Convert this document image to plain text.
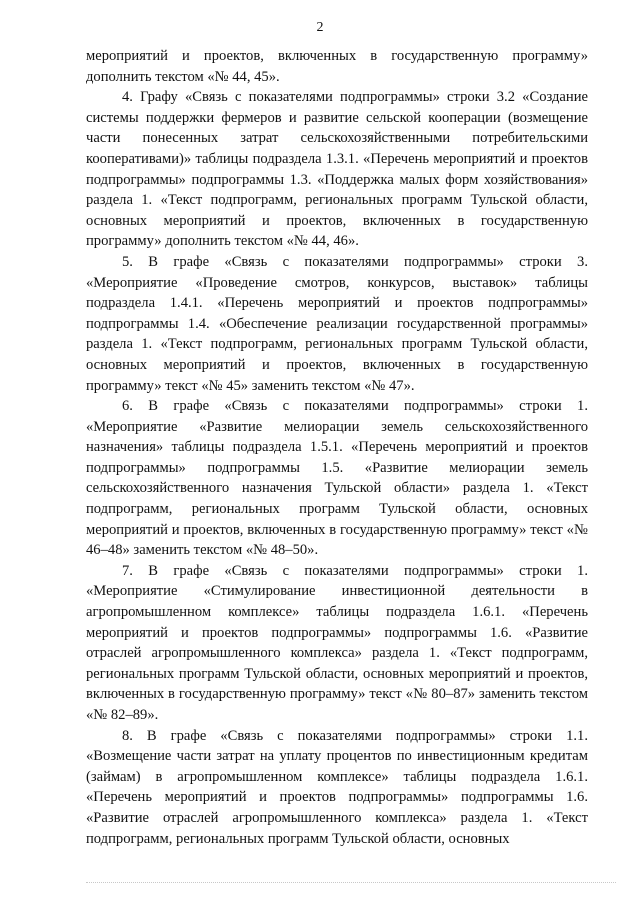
2

мероприятий и проектов, включенных в государственную программу» дополнить текстом «№ 44, 45».

4. Графу «Связь с показателями подпрограммы» строки 3.2 «Создание системы поддержки фермеров и развитие сельской кооперации (возмещение части понесенных затрат сельскохозяйственными потребительскими кооперативами)» таблицы подраздела 1.3.1. «Перечень мероприятий и проектов подпрограммы» подпрограммы 1.3. «Поддержка малых форм хозяйствования» раздела 1. «Текст подпрограмм, региональных программ Тульской области, основных мероприятий и проектов, включенных в государственную программу» дополнить текстом «№ 44, 46».

5. В графе «Связь с показателями подпрограммы» строки 3. «Мероприятие «Проведение смотров, конкурсов, выставок» таблицы подраздела 1.4.1. «Перечень мероприятий и проектов подпрограммы» подпрограммы 1.4. «Обеспечение реализации государственной программы» раздела 1. «Текст подпрограмм, региональных программ Тульской области, основных мероприятий и проектов, включенных в государственную программу» текст «№ 45» заменить текстом «№ 47».

6. В графе «Связь с показателями подпрограммы» строки 1. «Мероприятие «Развитие мелиорации земель сельскохозяйственного назначения» таблицы подраздела 1.5.1. «Перечень мероприятий и проектов подпрограммы» подпрограммы 1.5. «Развитие мелиорации земель сельскохозяйственного назначения Тульской области» раздела 1. «Текст подпрограмм, региональных программ Тульской области, основных мероприятий и проектов, включенных в государственную программу» текст «№ 46–48» заменить текстом «№ 48–50».

7. В графе «Связь с показателями подпрограммы» строки 1. «Мероприятие «Стимулирование инвестиционной деятельности в агропромышленном комплексе» таблицы подраздела 1.6.1. «Перечень мероприятий и проектов подпрограммы» подпрограммы 1.6. «Развитие отраслей агропромышленного комплекса» раздела 1. «Текст подпрограмм, региональных программ Тульской области, основных мероприятий и проектов, включенных в государственную программу» текст «№ 80–87» заменить текстом «№ 82–89».

8. В графе «Связь с показателями подпрограммы» строки 1.1. «Возмещение части затрат на уплату процентов по инвестиционным кредитам (займам) в агропромышленном комплексе» таблицы подраздела 1.6.1. «Перечень мероприятий и проектов подпрограммы» подпрограммы 1.6. «Развитие отраслей агропромышленного комплекса» раздела 1. «Текст подпрограмм, региональных программ Тульской области, основных
